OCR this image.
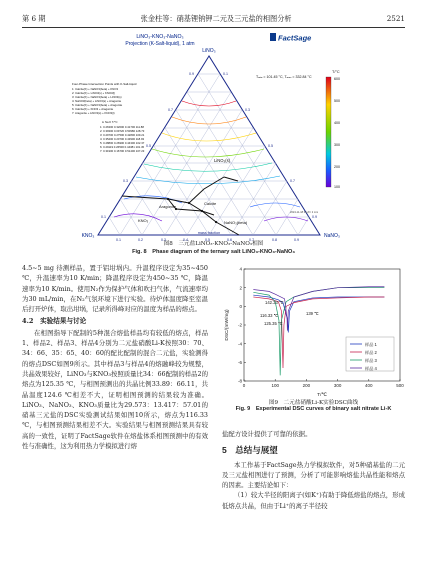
第 6 期	张金柱等：硝基锂钠钾二元及三元盐的相图分析	2521
LiNO₃-KNO₃-NaNO₃
Projection (K-Salt-liquid), 1 atm
FactSage
LiNO₃
LiNO₃(s)
Calcite
Aragonite
KNO₃	NaNO₃(beta)
Four-Phase Intersection Points with K-Salt-liquid
1: Calcite(K) + NaNO3(beta) + KNO3
2: Calcite(K) + LiNO3(s) + KNO3(l)
3: Calcite(K) + NaNO3(beta) + LiNO3(s)
4: NaNO3(beta) + LiNO3(s) + Aragonite
5: Calcite(K) + NaNO3(beta) + Aragonite
6: Calcite(K) + KNO3 + Aragonite
7: Aragonite + LiNO3(s) + KNO3(l)
Li Na K T/°C
1: 0.26300 0.32000 0.41700 111.88
2: 0.39300 0.09720 0.50980 128.73
3: 0.29700 0.27500 0.42800 109.21
4: 0.35400 0.20700 0.43900 118.93
5: 0.28800 0.26900 0.44300 102.37
6: 0.29119 0.26500 0.44381 101.45
7: 0.31900 0.16700 0.51400 107.23
Tₘᵢₙ = 101.45 °C, Tₘₐₓ = 332.84 °C
T/°C
600
500
400
300
200
100
2024-11-18 Fig.8 / 2 mm
0.1	0.2	0.3	0.4	0.5	0.6	0.7	0.8	0.9
0.9
0.7
0.5
0.3
0.1
0.1
0.3
0.5
0.7
0.9
KNO₃	NaNO₃
mass fraction
图8　三元盐LiNO₃-KNO₃-NaNO₃相图
Fig. 8　Phase diagram of the ternary salt LiNO₃-KNO₃-NaNO₃

4.5~5 mg 待测样品，置于铝坩埚内。升温程序设定为35~450 ℃，升温速率为10 K/min；降温程序设定为450~35 ℃，降温速率为10 K/min。使用N₂作为保护气体和吹扫气体，气流速率均为30 mL/min，在N₂气氛环境下进行实验。待炉体温度降至室温后打开炉体，取出坩埚，记录所得峰对应的温度为样品的熔点。

4.2　实验结果与讨论

在相图指导下配制的5种混合熔盐样品均有较低的熔点，样品1、样品2、样品3、样品4分别为二元盐硝酸Li-K按照30：70、34：66、35：65、40：60的配比配制的混合二元盐，实验测得的熔点DSC如图9所示。其中样品3与样品4的熔融峰较为规整，共晶效果较好，LiNO₃与KNO₃按照质量比34：66配制的样品2的熔点为125.35 ℃，与相图预测出的共晶比例33.89：66.11，共晶温度124.6 ℃相差不大，证明相图预测的结果较为准确。LiNO₃、NaNO₃、KNO₃质量比为29.573：13.417：57.01的硝基三元盐的DSC实验测试结果如图10所示，熔点为116.33 ℃，与相图预测结果相差不大。实验结果与相图预测结果具有较高的一致性，证明了FactSage软件在熔盐体系相图预测中的有效性与准确性，这为利用热力学模拟进行熔

4
2
0
-2
-4
-6
-8
0	100	200	300	400	500
DSC/(mW/mg)
T/℃
142.33 ℃
116.33 ℃
125.35 ℃
139 ℃
样品 1
样品 2
样品 3
样品 4
图9　二元盐硝酸Li-K实验DSC曲线
Fig. 9　Experimental DSC curves of binary salt nitrate Li-K

盐配方设计提供了可靠的依据。

5　总结与展望

本工作基于FactSage热力学模拟软件，对5种硝基盐的二元及三元盐相图进行了预测，分析了可能影响熔盐共晶性能和熔点的因素。主要结论如下：

（1）较大半径的阳离子(如K⁺)有助于降低熔盐的熔点，形成低熔点共晶，但由于Li⁺的离子半径较
